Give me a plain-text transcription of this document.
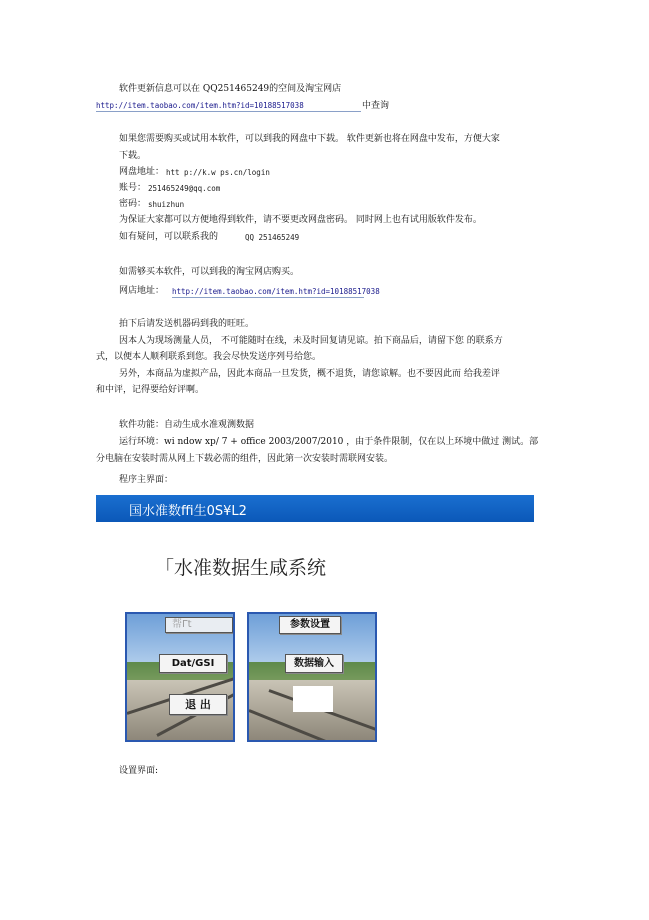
软件更新信息可以在 QQ251465249的空间及淘宝网店
http://item.taobao.com/item.htm?id=10188517038	中查询
如果您需要购买或试用本软件，可以到我的网盘中下载。 软件更新也将在网盘中发布，方便大家
下载。
网盘地址： htt p://k.w ps.cn/login
账号： 251465249@qq.com
密码： shuizhun
为保证大家都可以方便地得到软件，请不要更改网盘密码。 同时网上也有试用版软件发布。
如有疑问，可以联系我的	QQ 251465249
如需够买本软件，可以到我的淘宝网店购买。
网店地址： http://item.taobao.com/item.htm?id=10188517038
拍下后请发送机器码到我的旺旺。
因本人为现场测量人员， 不可能随时在线，未及时回复请见谅。拍下商品后，请留下您 的联系方
式，以便本人顺利联系到您。我会尽快发送序列号给您。
另外，本商品为虚拟产品，因此本商品一旦发货，概不退货，请您谅解。也不要因此而 给我差评
和中评，记得要给好评啊。
软件功能：自动生成水准观测数据
运行环境：wi ndow xp/ 7 + office 2003/2007/2010 ，由于条件限制，仅在以上环境中做过 测试。部
分电脑在安装时需从网上下载必需的组件，因此第一次安装时需联网安装。
程序主界面：
国水准数ffi生0S¥L2
「水准数据生咸系统
帮Γt
Dat/GSI
退 出
参数设置
数据输入
设置界面:
